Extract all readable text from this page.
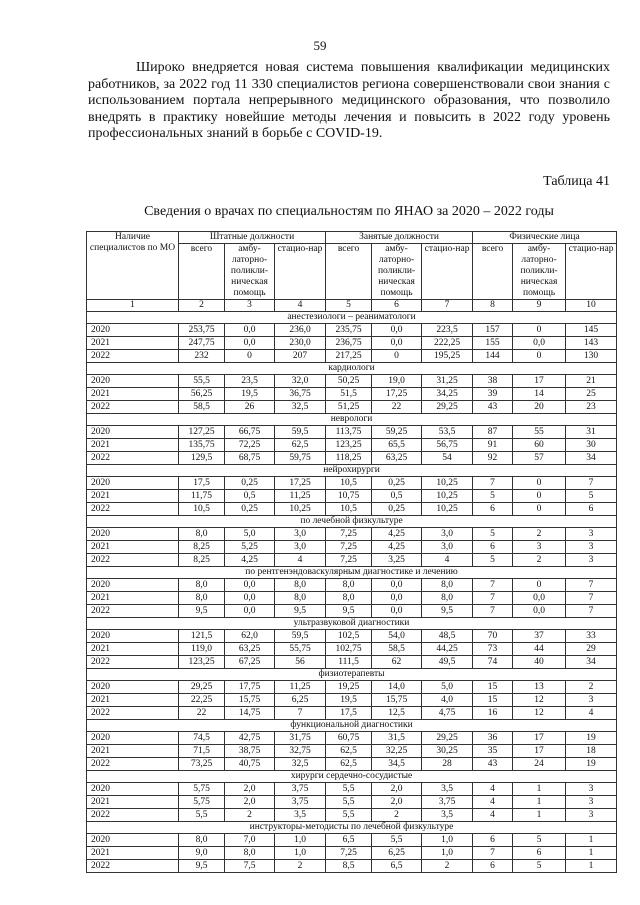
59

Широко внедряется новая система повышения квалификации медицинских работников, за 2022 год 11 330 специалистов региона совершенствовали свои знания с использованием портала непрерывного медицинского образования, что позволило внедрять в практику новейшие методы лечения и повысить в 2022 году уровень профессиональных знаний в борьбе с COVID-19.

Таблица 41
Сведения о врачах по специальностям по ЯНАО за 2020 – 2022 годы
Наличие специалистов по МО	Штатные должности			Занятые должности			Физические лица		
	всего	амбу-латорно-поликли-ническая помощь	стацио-нар	всего	амбу-латорно-поликли-ническая помощь	стацио-нар	всего	амбу-латорно-поликли-ническая помощь	стацио-нар
1	2	3	4	5	6	7	8	9	10
анестезиологи – реаниматологи									
2020	253,75	0,0	236,0	235,75	0,0	223,5	157	0	145
2021	247,75	0,0	230,0	236,75	0,0	222,25	155	0,0	143
2022	232	0	207	217,25	0	195,25	144	0	130
кардиологи									
2020	55,5	23,5	32,0	50,25	19,0	31,25	38	17	21
2021	56,25	19,5	36,75	51,5	17,25	34,25	39	14	25
2022	58,5	26	32,5	51,25	22	29,25	43	20	23
неврологи									
2020	127,25	66,75	59,5	113,75	59,25	53,5	87	55	31
2021	135,75	72,25	62,5	123,25	65,5	56,75	91	60	30
2022	129,5	68,75	59,75	118,25	63,25	54	92	57	34
нейрохирурги									
2020	17,5	0,25	17,25	10,5	0,25	10,25	7	0	7
2021	11,75	0,5	11,25	10,75	0,5	10,25	5	0	5
2022	10,5	0,25	10,25	10,5	0,25	10,25	6	0	6
по лечебной физкультуре									
2020	8,0	5,0	3,0	7,25	4,25	3,0	5	2	3
2021	8,25	5,25	3,0	7,25	4,25	3,0	6	3	3
2022	8,25	4,25	4	7,25	3,25	4	5	2	3
по рентгенэндоваскулярным диагностике и лечению									
2020	8,0	0,0	8,0	8,0	0,0	8,0	7	0	7
2021	8,0	0,0	8,0	8,0	0,0	8,0	7	0,0	7
2022	9,5	0,0	9,5	9,5	0,0	9,5	7	0,0	7
ультразвуковой диагностики									
2020	121,5	62,0	59,5	102,5	54,0	48,5	70	37	33
2021	119,0	63,25	55,75	102,75	58,5	44,25	73	44	29
2022	123,25	67,25	56	111,5	62	49,5	74	40	34
физиотерапевты									
2020	29,25	17,75	11,25	19,25	14,0	5,0	15	13	2
2021	22,25	15,75	6,25	19,5	15,75	4,0	15	12	3
2022	22	14,75	7	17,5	12,5	4,75	16	12	4
функциональной диагностики									
2020	74,5	42,75	31,75	60,75	31,5	29,25	36	17	19
2021	71,5	38,75	32,75	62,5	32,25	30,25	35	17	18
2022	73,25	40,75	32,5	62,5	34,5	28	43	24	19
хирурги сердечно-сосудистые									
2020	5,75	2,0	3,75	5,5	2,0	3,5	4	1	3
2021	5,75	2,0	3,75	5,5	2,0	3,75	4	1	3
2022	5,5	2	3,5	5,5	2	3,5	4	1	3
инструкторы-методисты по лечебной физкультуре									
2020	8,0	7,0	1,0	6,5	5,5	1,0	6	5	1
2021	9,0	8,0	1,0	7,25	6,25	1,0	7	6	1
2022	9,5	7,5	2	8,5	6,5	2	6	5	1
